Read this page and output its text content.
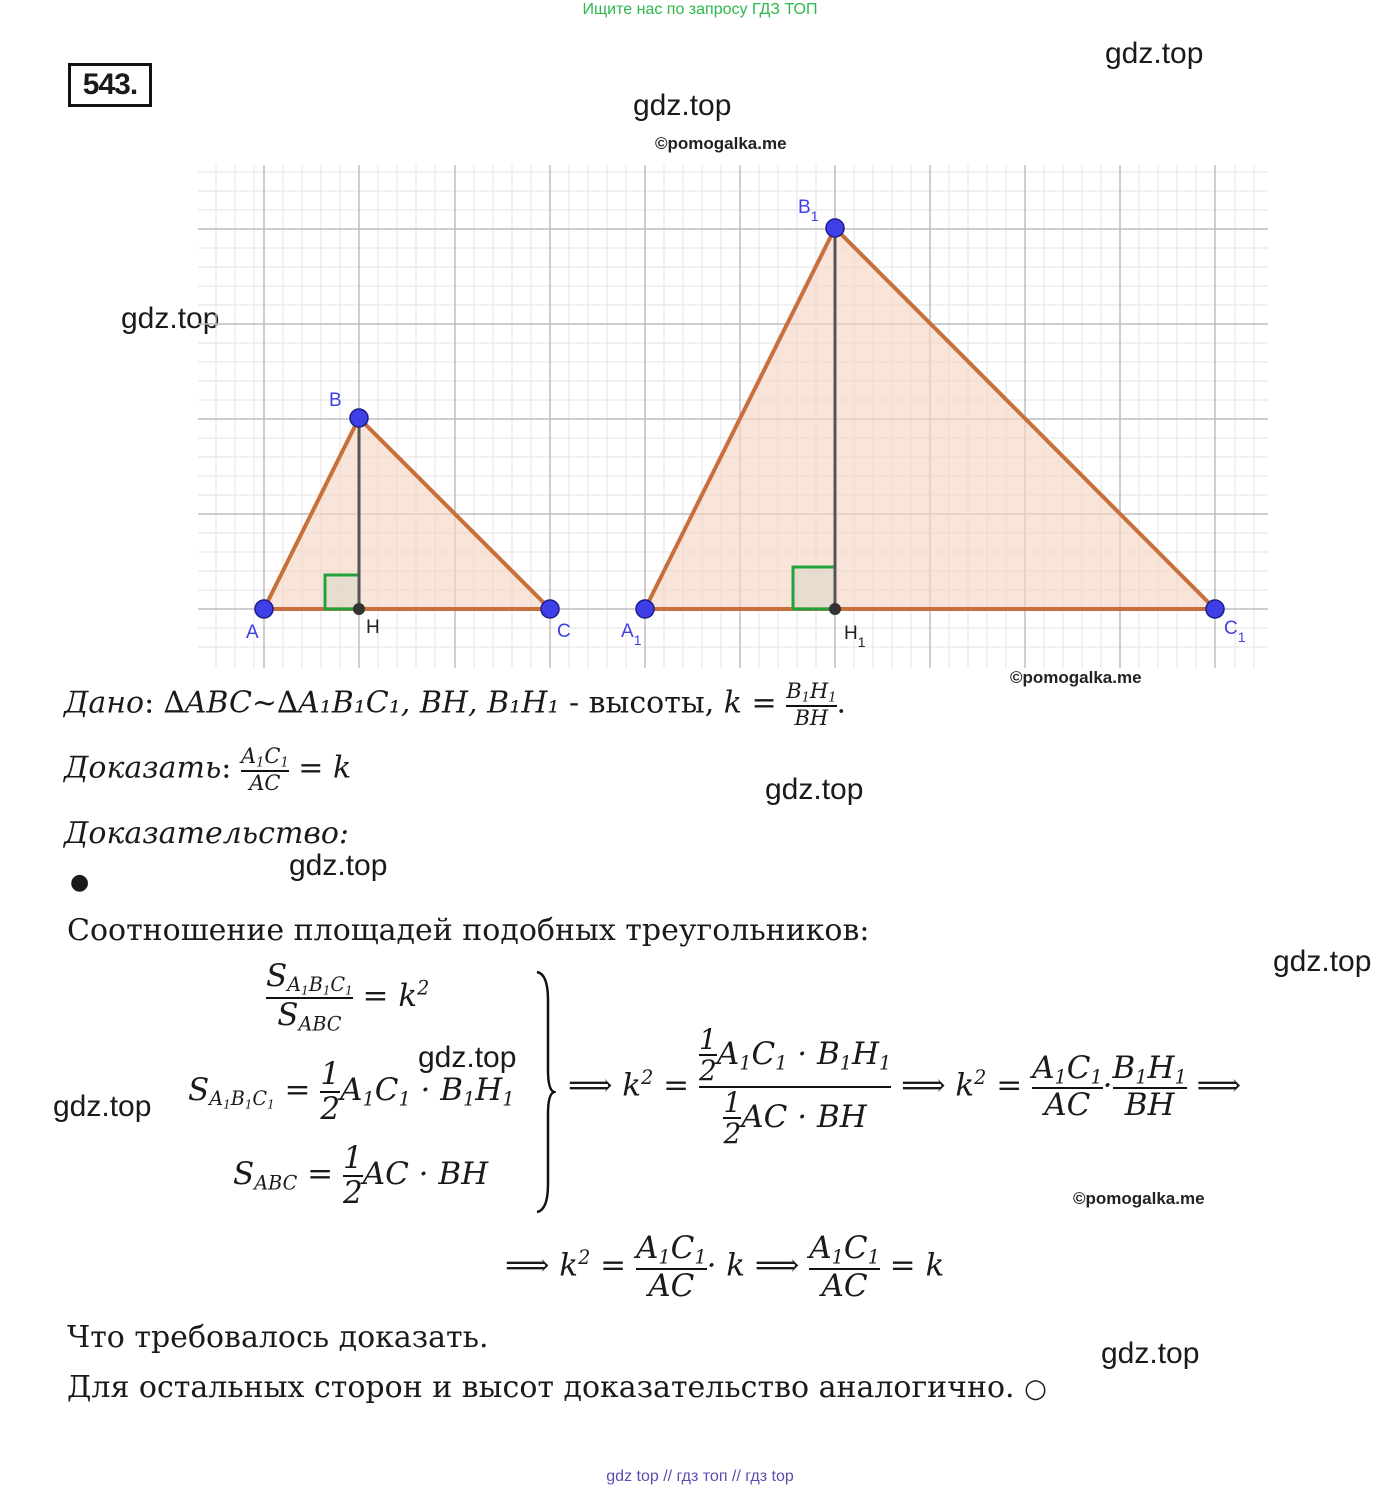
Ищите нас по запросу ГДЗ ТОП
543.
gdz.top
gdz.top
©pomogalka.me
gdz.top
A
B
C
H	$A_1$
$B_1$
$C_1$
$H_1$
©pomogalka.me
Дано: ∆ABC~∆A₁B₁C₁, BH, B₁H₁ - высоты, $k = \frac{B_1H_1}{BH}$ .
Доказать: $\frac{A_1C_1}{AC} = k$
gdz.top
Доказательство:
gdz.top
●
Соотношение площадей подобных треугольников:
gdz.top
$\frac{S_{A_1B_1C_1}}{S_{ABC}} = k^2$
gdz.top
gdz.top $S_{A_1B_1C_1} = \frac{1}{2} A_1C_1 \cdot B_1H_1$
$S_{ABC} = \frac{1}{2}$ AC · BH
⟹ $k^2 = \frac{\frac{1}{2} A_1C_1 \cdot B_1H_1}{\frac{1}{2} AC \cdot BH}$ ⟹ $k^2 = \frac{A_1C_1}{AC} \cdot \frac{B_1H_1}{BH}$ ⟹
©pomogalka.me
⟹ $k^2 = \frac{A_1C_1}{AC} \cdot k$ ⟹ $\frac{A_1C_1}{AC} = k$
Что требовалось доказать.	gdz.top
Для остальных сторон и высот доказательство аналогично. ○
gdz top // гдз топ // гдз top
